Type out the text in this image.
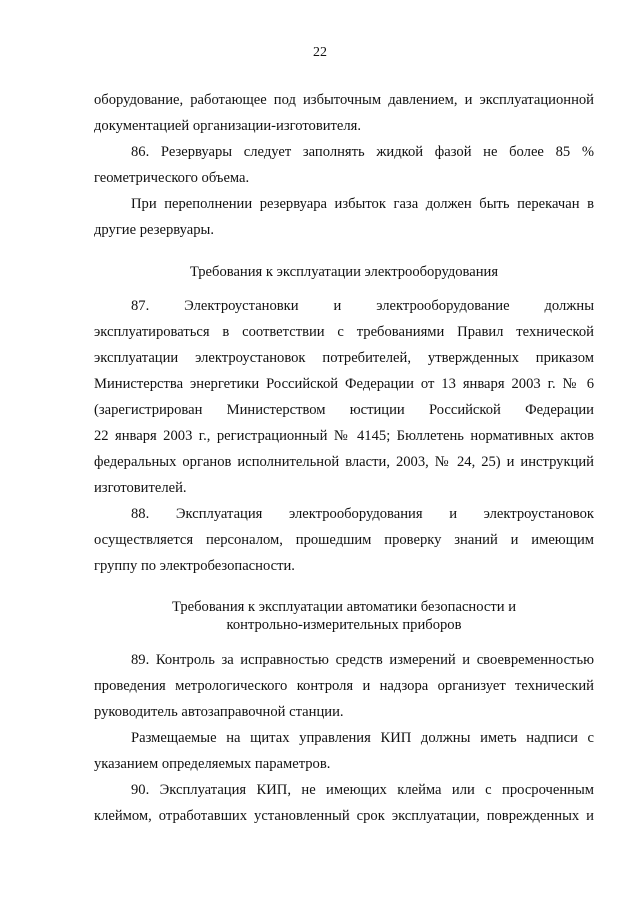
22
оборудование, работающее под избыточным давлением, и эксплуатационной
документацией организации-изготовителя.
86. Резервуары следует заполнять жидкой фазой не более 85 %
геометрического объема.
При переполнении резервуара избыток газа должен быть перекачан в
другие резервуары.
Требования к эксплуатации электрооборудования
87. Электроустановки и электрооборудование должны
эксплуатироваться в соответствии с требованиями Правил технической
эксплуатации электроустановок потребителей, утвержденных приказом
Министерства энергетики Российской Федерации от 13 января 2003 г. № 6
(зарегистрирован Министерством юстиции Российской Федерации
22 января 2003 г., регистрационный № 4145; Бюллетень нормативных актов
федеральных органов исполнительной власти, 2003, № 24, 25) и инструкций
изготовителей.
88. Эксплуатация электрооборудования и электроустановок
осуществляется персоналом, прошедшим проверку знаний и имеющим
группу по электробезопасности.
Требования к эксплуатации автоматики безопасности и
контрольно-измерительных приборов
89. Контроль за исправностью средств измерений и своевременностью
проведения метрологического контроля и надзора организует технический
руководитель автозаправочной станции.
Размещаемые на щитах управления КИП должны иметь надписи с
указанием определяемых параметров.
90. Эксплуатация КИП, не имеющих клейма или с просроченным
клеймом, отработавших установленный срок эксплуатации, поврежденных и
